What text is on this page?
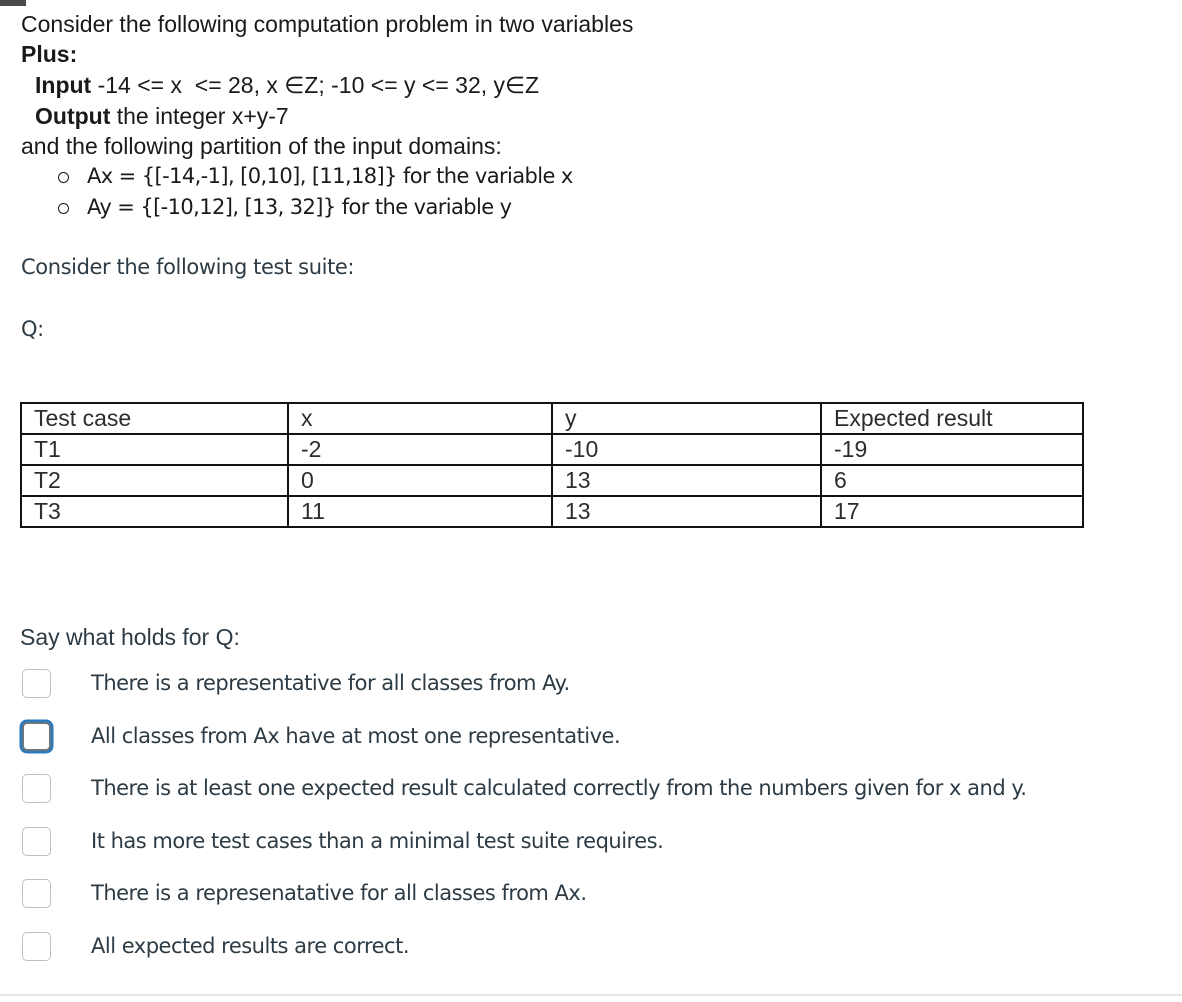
Consider the following computation problem in two variables
Plus:
Input -14 <= x  <= 28, x ∈Z; -10 <= y <= 32, y∈Z
Output the integer x+y-7
and the following partition of the input domains:
Ax = {[-14,-1], [0,10], [11,18]} for the variable x
Ay = {[-10,12], [13, 32]} for the variable y
Consider the following test suite:
Q:
Test case	x	y	Expected result
T1	-2	-10	-19
T2	0	13	6
T3	11	13	17
Say what holds for Q:
There is a representative for all classes from Ay.
All classes from Ax have at most one representative.
There is at least one expected result calculated correctly from the numbers given for x and y.
It has more test cases than a minimal test suite requires.
There is a represenatative for all classes from Ax.
All expected results are correct.
